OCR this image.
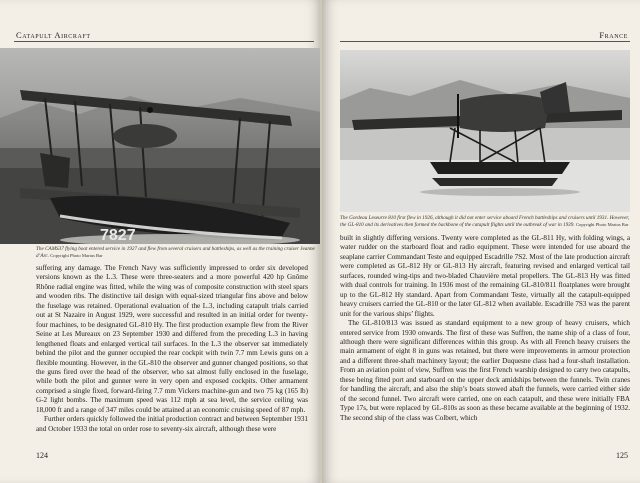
Catapult Aircraft
7827
The CAMS37 flying boat entered service in 1927 and flew from several cruisers and battleships, as well as the training cruiser Jeanne d’Arc. Copyright Photo Marius Bar

suffering any damage. The French Navy was sufficiently impressed to order six developed versions known as the L.3. These were three-seaters and a more powerful 420 hp Gnôme Rhône radial engine was fitted, while the wing was of composite construction with steel spars and wooden ribs. The distinctive tail design with equal-sized triangular fins above and below the fuselage was retained. Operational evaluation of the L.3, including catapult trials carried out at St Nazaire in August 1929, were successful and resulted in an initial order for twenty-four machines, to be designated GL-810 Hy. The first production example flew from the River Seine at Les Mureaux on 23 September 1930 and differed from the preceding L.3 in having lengthened floats and enlarged vertical tail surfaces. In the L.3 the observer sat immediately behind the pilot and the gunner occupied the rear cockpit with twin 7.7 mm Lewis guns on a flexible mounting. However, in the GL-810 the observer and gunner changed positions, so that the guns fired over the head of the observer, who sat almost fully enclosed in the fuselage, while both the pilot and gunner were in very open and exposed cockpits. Other armament comprised a single fixed, forward-firing 7.7 mm Vickers machine-gun and two 75 kg (165 lb) G-2 light bombs. The maximum speed was 112 mph at sea level, the service ceiling was 18,000 ft and a range of 347 miles could be attained at an economic cruising speed of 87 mph.

Further orders quickly followed the initial production contract and between September 1931 and October 1933 the total on order rose to seventy-six aircraft, although these were

124
France
The Gordeau Leseurre 810 first flew in 1926, although it did not enter service aboard French battleships and cruisers until 1931. However, the GL-810 and its derivatives then formed the backbone of the catapult flights until the outbreak of war in 1939. Copyright Photo Marius Bar

built in slightly differing versions. Twenty were completed as the GL-811 Hy, with folding wings, a water rudder on the starboard float and radio equipment. These were intended for use aboard the seaplane carrier Commandant Teste and equipped Escadrille 7S2. Most of the late production aircraft were completed as GL-812 Hy or GL-813 Hy aircraft, featuring revised and enlarged vertical tail surfaces, rounded wing-tips and two-bladed Chauvière metal propellers. The GL-813 Hy was fitted with dual controls for training. In 1936 most of the remaining GL-810/811 floatplanes were brought up to the GL-812 Hy standard. Apart from Commandant Teste, virtually all the catapult-equipped heavy cruisers carried the GL-810 or the later GL-812 when available. Escadrille 7S3 was the parent unit for the various ships’ flights.

The GL-810/813 was issued as standard equipment to a new group of heavy cruisers, which entered service from 1930 onwards. The first of these was Suffren, the name ship of a class of four, although there were significant differences within this group. As with all French heavy cruisers the main armament of eight 8 in guns was retained, but there were improvements in armour protection and a different three-shaft machinery layout; the earlier Duquesne class had a four-shaft installation. From an aviation point of view, Suffren was the first French warship designed to carry two catapults, these being fitted port and starboard on the upper deck amidships between the funnels. Twin cranes for handling the aircraft, and also the ship’s boats stowed abaft the funnels, were carried either side of the second funnel. Two aircraft were carried, one on each catapult, and these were initially FBA Type 17s, but were replaced by GL-810s as soon as these became available at the beginning of 1932. The second ship of the class was Colbert, which

125
